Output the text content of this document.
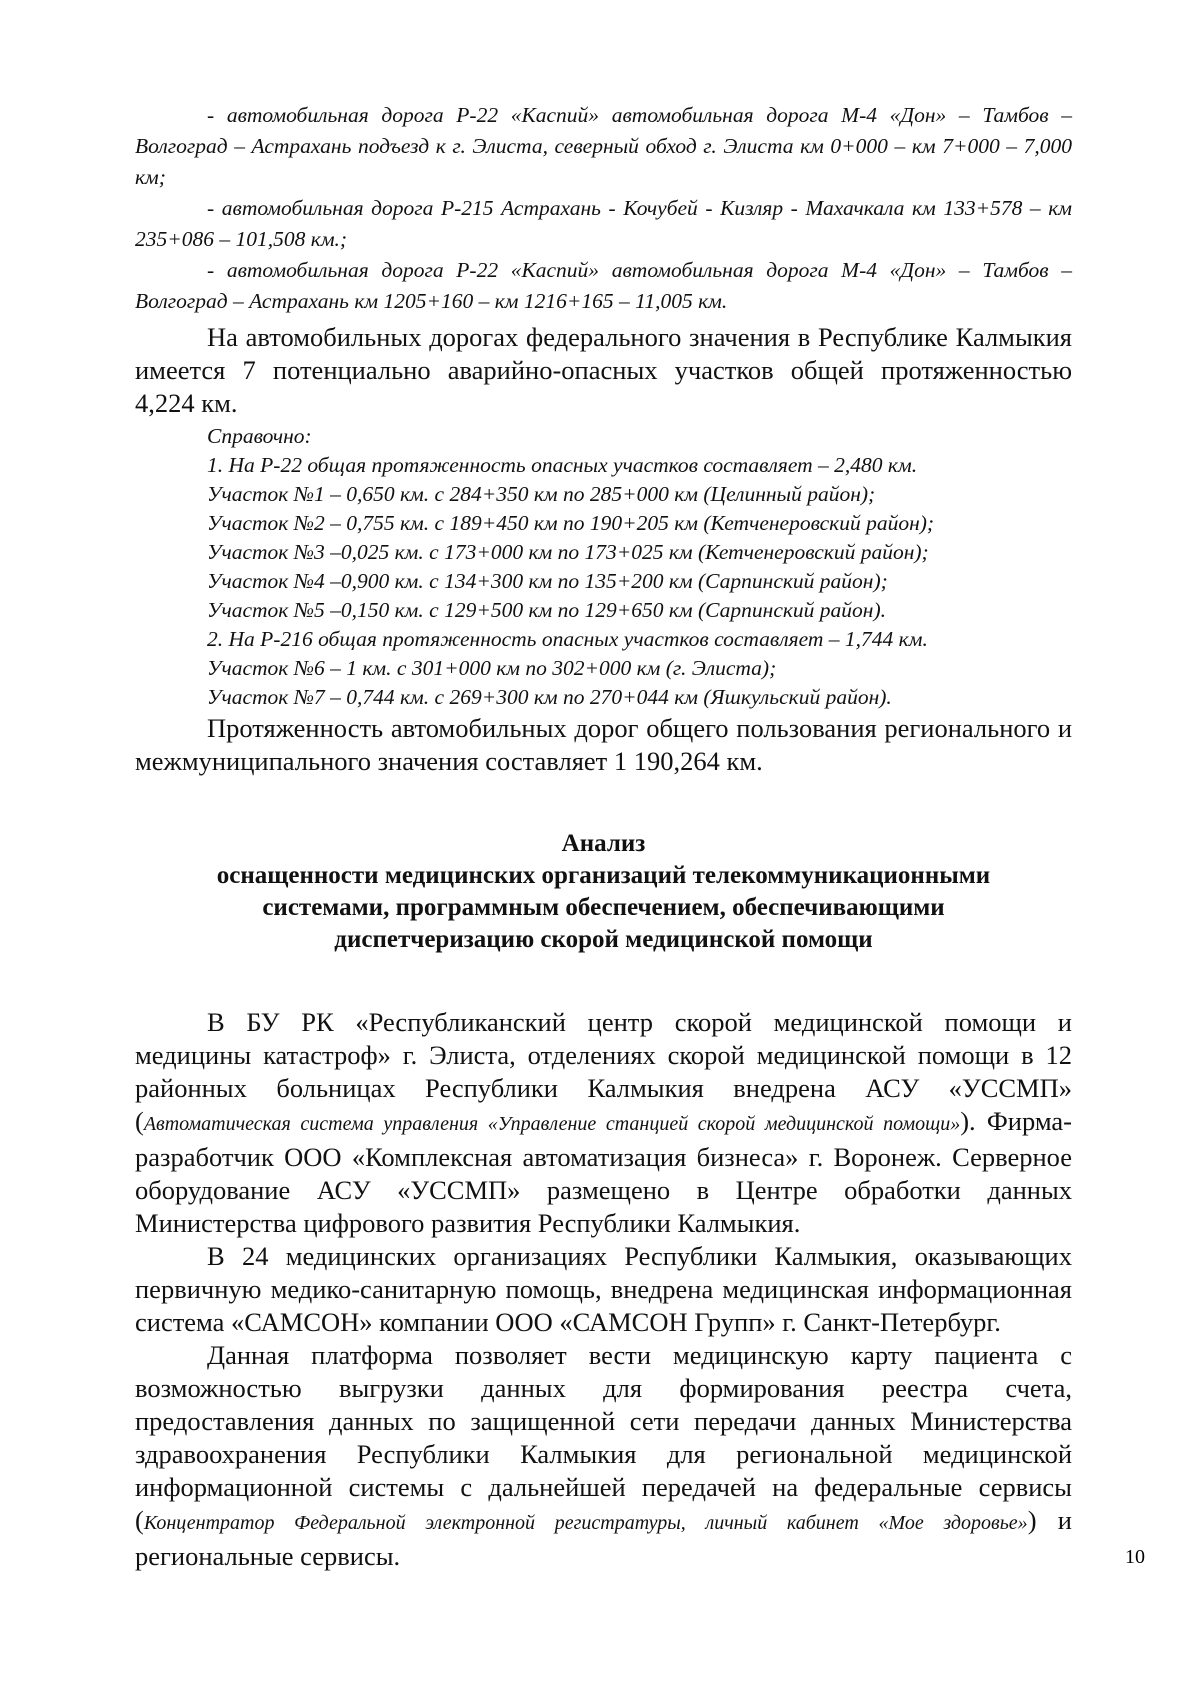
- автомобильная дорога Р-22 «Каспий» автомобильная дорога М-4 «Дон» – Тамбов – Волгоград – Астрахань подъезд к г. Элиста, северный обход г. Элиста км 0+000 – км 7+000 – 7,000 км;

- автомобильная дорога Р-215 Астрахань - Кочубей - Кизляр - Махачкала км 133+578 – км 235+086 – 101,508 км.;

- автомобильная дорога Р-22 «Каспий» автомобильная дорога М-4 «Дон» – Тамбов – Волгоград – Астрахань км 1205+160 – км 1216+165 – 11,005 км.

На автомобильных дорогах федерального значения в Республике Калмыкия имеется 7 потенциально аварийно-опасных участков общей протяженностью 4,224 км.

Справочно:

1. На Р-22 общая протяженность опасных участков составляет – 2,480 км.

Участок №1 – 0,650 км. с 284+350 км по 285+000 км (Целинный район);

Участок №2 – 0,755 км. с 189+450 км по 190+205 км (Кетченеровский район);

Участок №3 –0,025 км. с 173+000 км по 173+025 км (Кетченеровский район);

Участок №4 –0,900 км. с 134+300 км по 135+200 км (Сарпинский район);

Участок №5 –0,150 км. с 129+500 км по 129+650 км (Сарпинский район).

2. На Р-216 общая протяженность опасных участков составляет – 1,744 км.

Участок №6 – 1 км. с 301+000 км по 302+000 км (г. Элиста);

Участок №7 – 0,744 км. с 269+300 км по 270+044 км (Яшкульский район).

Протяженность автомобильных дорог общего пользования регионального и межмуниципального значения составляет 1 190,264 км.

Анализ
оснащенности медицинских организаций телекоммуникационными
системами, программным обеспечением, обеспечивающими
диспетчеризацию скорой медицинской помощи

В БУ РК «Республиканский центр скорой медицинской помощи и медицины катастроф» г. Элиста, отделениях скорой медицинской помощи в 12 районных больницах Республики Калмыкия внедрена АСУ «УССМП» (Автоматическая система управления «Управление станцией скорой медицинской помощи»). Фирма-разработчик ООО «Комплексная автоматизация бизнеса» г. Воронеж. Серверное оборудование АСУ «УССМП» размещено в Центре обработки данных Министерства цифрового развития Республики Калмыкия.

В 24 медицинских организациях Республики Калмыкия, оказывающих первичную медико-санитарную помощь, внедрена медицинская информационная система «САМСОН» компании ООО «САМСОН Групп» г. Санкт-Петербург.

Данная платформа позволяет вести медицинскую карту пациента с возможностью выгрузки данных для формирования реестра счета, предоставления данных по защищенной сети передачи данных Министерства здравоохранения Республики Калмыкия для региональной медицинской информационной системы с дальнейшей передачей на федеральные сервисы (Концентратор Федеральной электронной регистратуры, личный кабинет «Мое здоровье») и региональные сервисы.	10
